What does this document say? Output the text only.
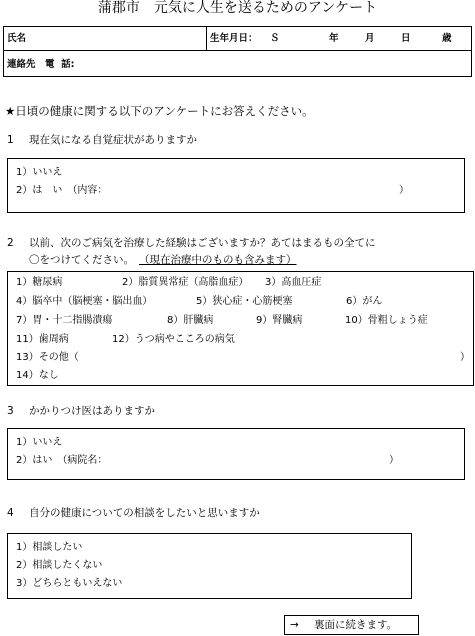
蒲郡市　元気に人生を送るためのアンケート
氏名	生年月日： Ｓ	年	月	日	歳
連絡先　電  話:
★日頃の健康に関する以下のアンケートにお答えください。
1 現在気になる自覚症状がありますか
1）いいえ
2）は　い　（内容：	）
2 以前、次のご病気を治療した経験はございますか？あてはまるもの全てに
〇をつけてください。 （現在治療中のものも含みます）
1）糖尿病	2）脂質異常症（高脂血症） 3）高血圧症
4）脳卒中（脳梗塞・脳出血）	5）狭心症・心筋梗塞	6）がん
7）胃・十二指腸潰瘍	8）肝臓病	9）腎臓病	10）骨粗しょう症
11）歯周病	12）うつ病やこころの病気
13）その他（	）
14）なし
3 かかりつけ医はありますか
1）いいえ
2）はい　（病院名：	）
4 自分の健康についての相談をしたいと思いますか
1）相談したい
2）相談したくない
3）どちらともいえない
→ 裏面に続きます。
